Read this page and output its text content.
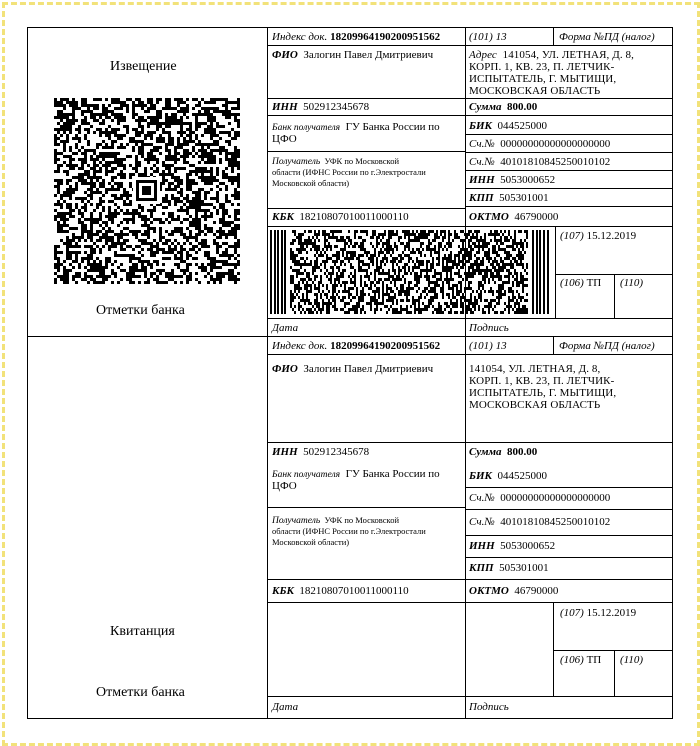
Извещение
Отметки банка
Квитанция
Отметки банка
Индекс док. 18209964190200951562	(101) 13	Форма №ПД (налог)
ФИО Залогин Павел Дмитриевич	Адрес 141054, УЛ. ЛЕТНАЯ, Д. 8,
КОРП. 1, КВ. 23, П. ЛЕТЧИК-
ИСПЫТАТЕЛЬ, Г. МЫТИЩИ,
МОСКОВСКАЯ ОБЛАСТЬ
ИНН 502912345678	Сумма 800.00
Банк получателя ГУ Банка России по
ЦФО
БИК 044525000
Сч.№ 00000000000000000000
Получатель УФК по Московской
области (ИФНС России по г.Электростали
Московской области)
Сч.№ 40101810845250010102
ИНН 5053000652
КПП 505301001
КБК 18210807010011000110	ОКТМО 46790000
(107) 15.12.2019
(106) ТП (110)
Дата	Подпись
Индекс док. 18209964190200951562	(101) 13	Форма №ПД (налог)
ФИО Залогин Павел Дмитриевич	141054, УЛ. ЛЕТНАЯ, Д. 8,
КОРП. 1, КВ. 23, П. ЛЕТЧИК-
ИСПЫТАТЕЛЬ, Г. МЫТИЩИ,
МОСКОВСКАЯ ОБЛАСТЬ
ИНН 502912345678	Сумма 800.00
Банк получателя ГУ Банка России по
ЦФО
БИК 044525000
Сч.№ 00000000000000000000
Получатель УФК по Московской
области (ИФНС России по г.Электростали
Московской области)
Сч.№ 40101810845250010102
ИНН 5053000652
КПП 505301001
КБК 18210807010011000110	ОКТМО 46790000
(107) 15.12.2019
(106) ТП (110)
Дата	Подпись
